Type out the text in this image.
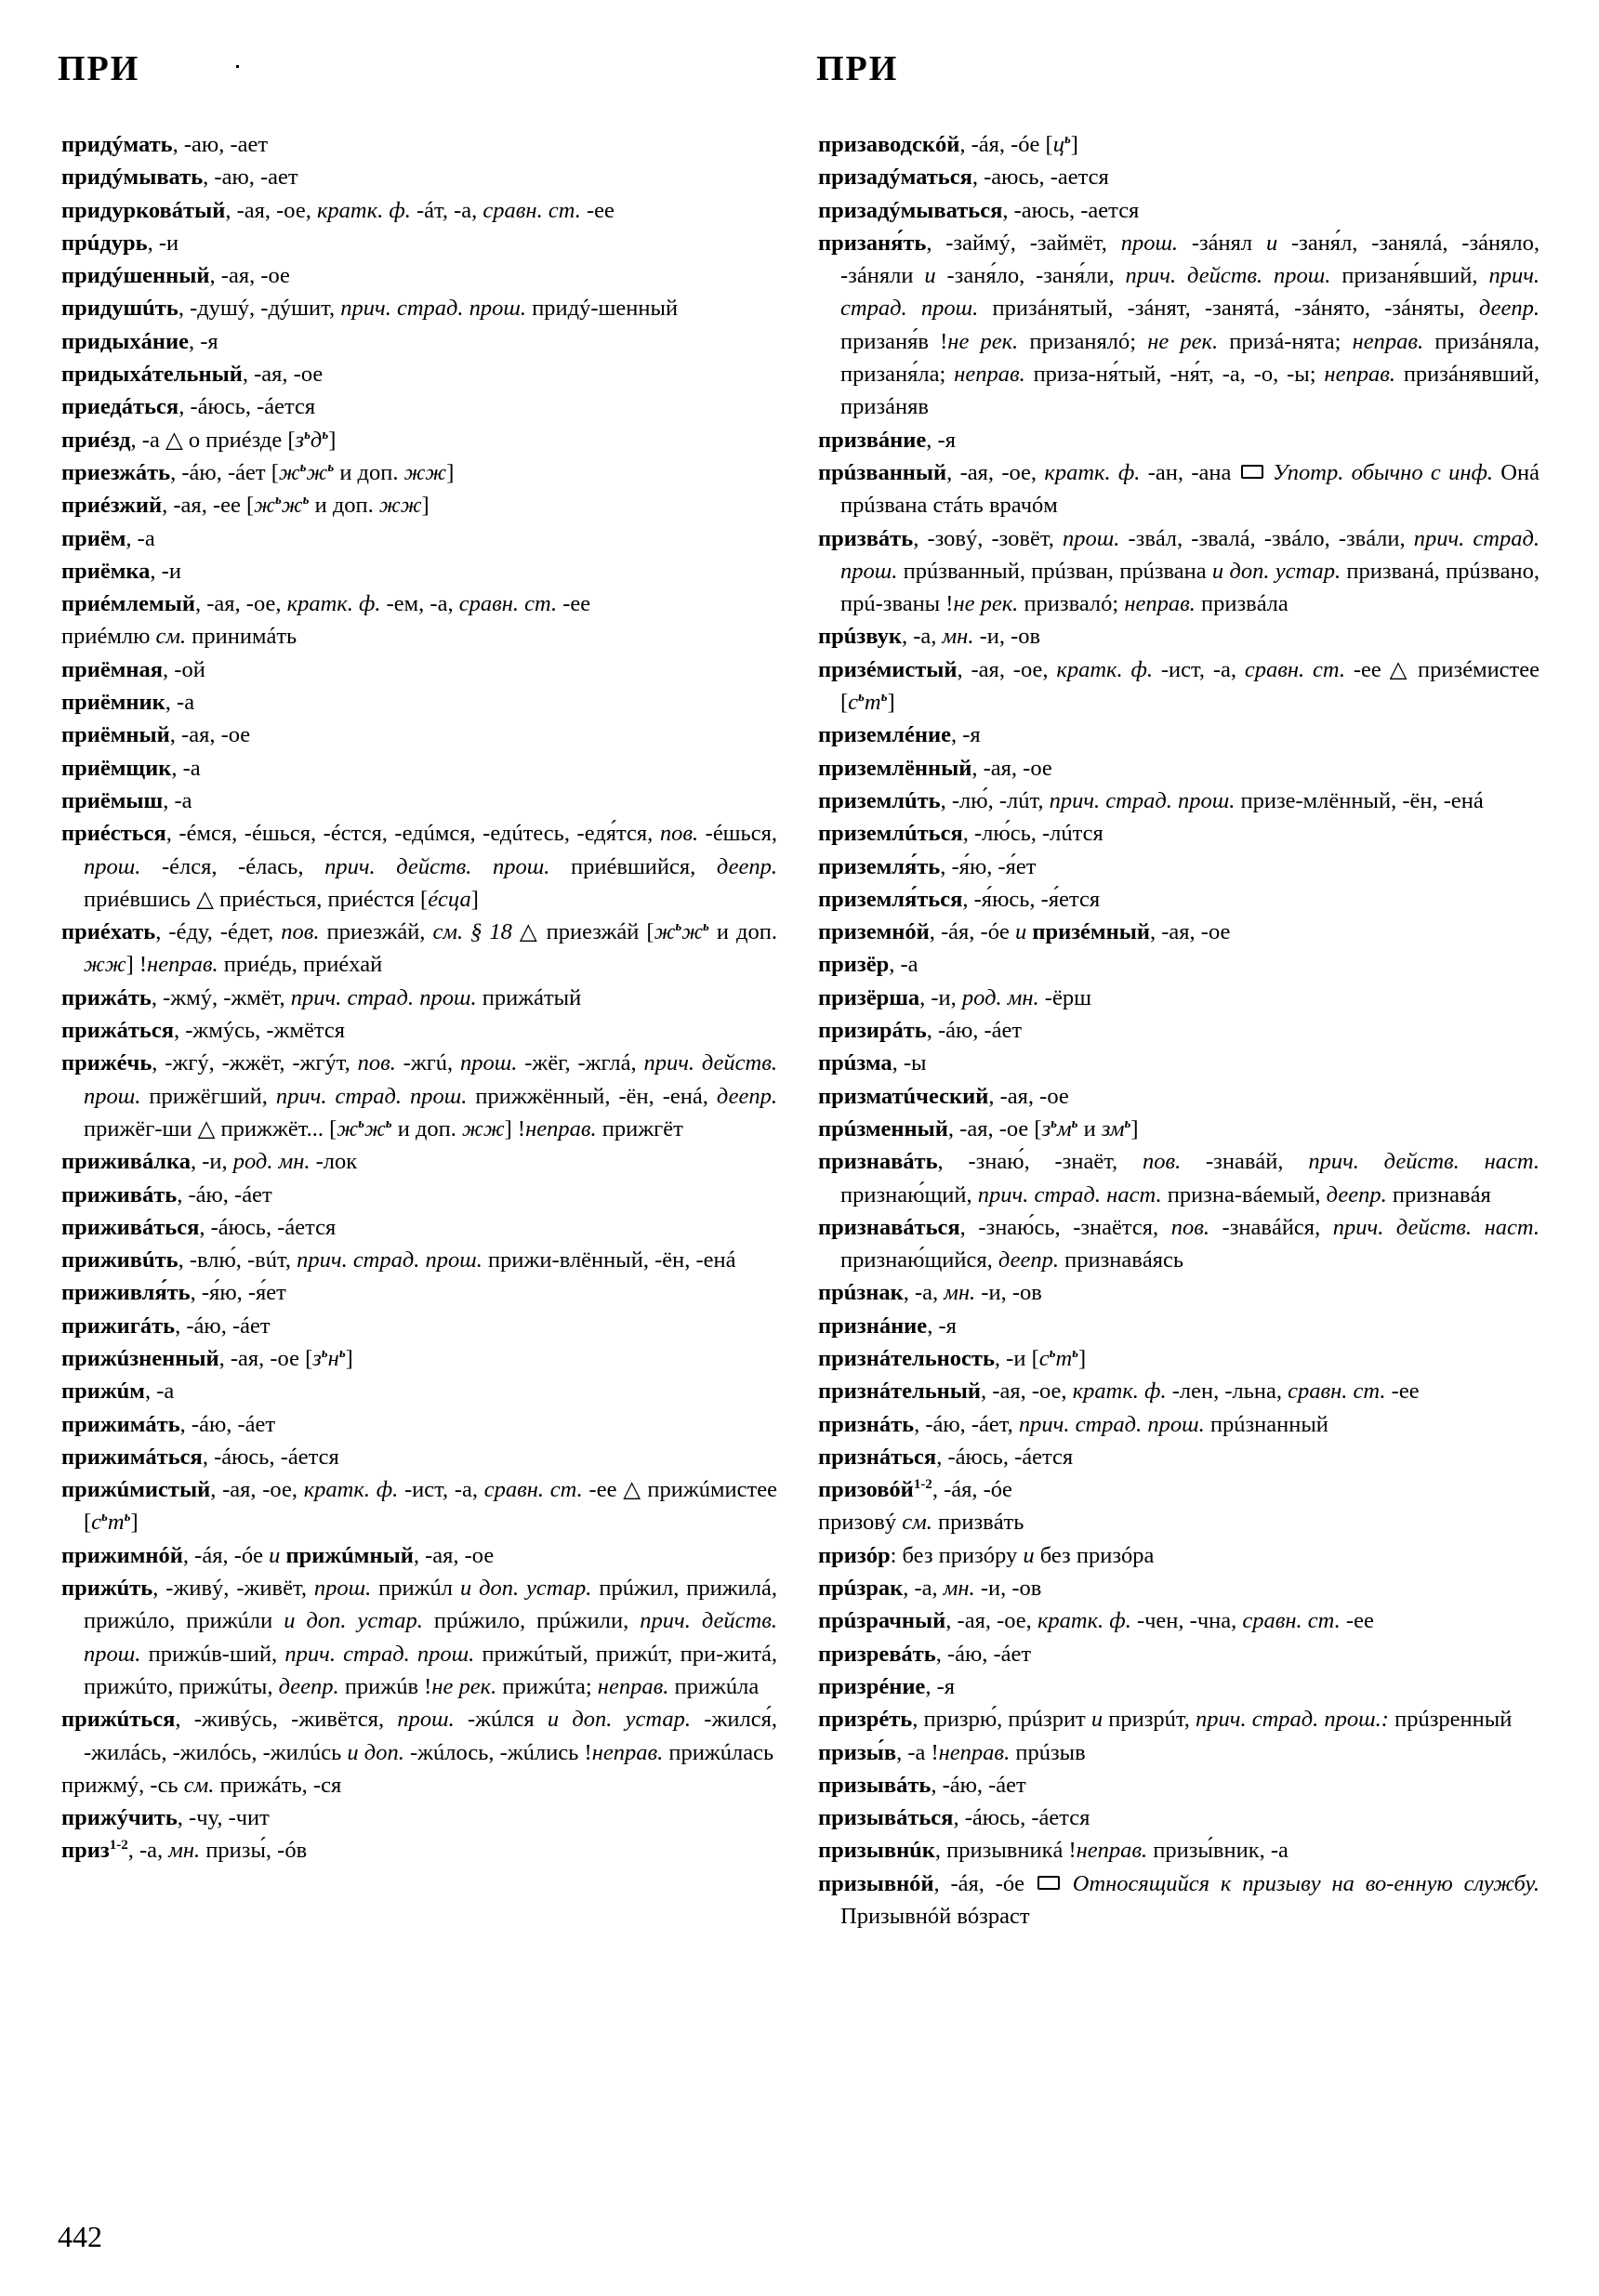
ПРИ	ПРИ

придýмать, -аю, -ает

придýмывать, -аю, -ает

придурковáтый, -ая, -ое, кратк. ф. -áт, -а, сравн. ст. -ее

прúдурь, -и

придýшенный, -ая, -ое

придушúть, -душý, -дýшит, прич. страд. прош. придý-шенный

придыхáние, -я

придыхáтельный, -ая, -ое

приедáться, -áюсь, -áется

приéзд, -а △ о приéзде $[з^ьд^ь]$

приезжáть, -áю, -áет [$ж^ьж^ь$ и доп. жж]

приéзжий, -ая, -ее [$ж^ьж^ь$ и доп. жж]

приём, -а

приёмка, -и

приéмлемый, -ая, -ое, кратк. ф. -ем, -а, сравн. ст. -ее

приéмлю см. принимáть

приёмная, -ой

приёмник, -а

приёмный, -ая, -ое

приёмщик, -а

приёмыш, -а

приéсться, -éмся, -éшься, -éстся, -едúмся, -едúтесь, -едя́тся, пов. -éшься, прош. -éлся, -éлась, прич. действ. прош. приéвшийся, деепр. приéвшись △ приéсться, приéстся [éсца]

приéхать, -éду, -éдет, пов. приезжáй, см. § 18 △ приезжáй [$ж^ьж^ь$ и доп. жж] !неправ. приéдь, приéхай

прижáть, -жмý, -жмёт, прич. страд. прош. прижáтый

прижáться, -жмýсь, -жмётся

прижéчь, -жгý, -жжёт, -жгýт, пов. -жгú, прош. -жёг, -жглá, прич. действ. прош. прижёгший, прич. страд. прош. прижжённый, -ён, -енá, деепр. прижёг-ши △ прижжёт... [$ж^ьж^ь$ и доп. жж] !неправ. прижгёт

приживáлка, -и, род. мн. -лок

приживáть, -áю, -áет

приживáться, -áюсь, -áется

приживúть, -влю́, -вúт, прич. страд. прош. прижи-влённый, -ён, -енá

приживля́ть, -я́ю, -я́ет

прижигáть, -áю, -áет

прижúзненный, -ая, -ое $[з^ьн^ь]$

прижúм, -а

прижимáть, -áю, -áет

прижимáться, -áюсь, -áется

прижúмистый, -ая, -ое, кратк. ф. -ист, -а, сравн. ст. -ее △ прижúмистее $[с^ьт^ь]$

прижимнóй, -áя, -óе и прижúмный, -ая, -ое

прижúть, -живý, -живёт, прош. прижúл и доп. устар. прúжил, прижилá, прижúло, прижúли и доп. устар. прúжило, прúжили, прич. действ. прош. прижúв-ший, прич. страд. прош. прижúтый, прижúт, при-житá, прижúто, прижúты, деепр. прижúв !не рек. прижúта; неправ. прижúла

прижúться, -живýсь, -живётся, прош. -жúлся и доп. устар. -жился́, -жилáсь, -жилóсь, -жилúсь и доп. -жúлось, -жúлись !неправ. прижúлась

прижмý, -сь см. прижáть, -ся

прижýчить, -чу, -чит

приз$^{1-2}$, -а, мн. призы́, -óв

призаводскóй, -áя, -óе $[ц^ь]$

призадýматься, -аюсь, -ается

призадýмываться, -аюсь, -ается

призаня́ть, -займý, -займёт, прош. -зáнял и -заня́л, -занялá, -зáняло, -зáняли и -заня́ло, -заня́ли, прич. действ. прош. призаня́вший, прич. страд. прош. призáнятый, -зáнят, -занятá, -зáнято, -зáняты, деепр. призаня́в !не рек. призанялó; не рек. призá-нята; неправ. призáняла, призаня́ла; неправ. приза-ня́тый, -ня́т, -а, -о, -ы; неправ. призáнявший, призáняв

призвáние, -я

прúзванный, -ая, -ое, кратк. ф. -ан, -ана  Употр. обычно с инф. Онá прúзвана стáть врачóм

призвáть, -зовý, -зовёт, прош. -звáл, -звалá, -звáло, -звáли, прич. страд. прош. прúзванный, прúзван, прúзвана и доп. устар. призванá, прúзвано, прú-званы !не рек. призвалó; неправ. призвáла

прúзвук, -а, мн. -и, -ов

призéмистый, -ая, -ое, кратк. ф. -ист, -а, сравн. ст. -ее △ призéмистее $[с^ьт^ь]$

приземлéние, -я

приземлённый, -ая, -ое

приземлúть, -лю́, -лúт, прич. страд. прош. призе-млённый, -ён, -енá

приземлúться, -лю́сь, -лúтся

приземля́ть, -я́ю, -я́ет

приземля́ться, -я́юсь, -я́ется

приземнóй, -áя, -óе и призéмный, -ая, -ое

призёр, -а

призёрша, -и, род. мн. -ёрш

призирáть, -áю, -áет

прúзма, -ы

призматúческий, -ая, -ое

прúзменный, -ая, -ое [$з^ьм^ь$ и $зм^ь$]

признавáть, -знаю́, -знаёт, пов. -знавáй, прич. действ. наст. признаю́щий, прич. страд. наст. призна-вáемый, деепр. признавáя

признавáться, -знаю́сь, -знаётся, пов. -знавáйся, прич. действ. наст. признаю́щийся, деепр. признавáясь

прúзнак, -а, мн. -и, -ов

признáние, -я

признáтельность, -и $[с^ьт^ь]$

признáтельный, -ая, -ое, кратк. ф. -лен, -льна, сравн. ст. -ее

признáть, -áю, -áет, прич. страд. прош. прúзнанный

признáться, -áюсь, -áется

призовóй$^{1-2}$, -áя, -óе

призовý см. призвáть

призóр: без призóру и без призóра

прúзрак, -а, мн. -и, -ов

прúзрачный, -ая, -ое, кратк. ф. -чен, -чна, сравн. ст. -ее

призревáть, -áю, -áет

призрéние, -я

призрéть, призрю́, прúзрит и призрúт, прич. страд. прош.: прúзренный

призы́в, -а !неправ. прúзыв

призывáть, -áю, -áет

призывáться, -áюсь, -áется

призывнúк, призывникá !неправ. призы́вник, -а

призывнóй, -áя, -óе  Относящийся к призыву на во-енную службу. Призывнóй вóзраст

442
